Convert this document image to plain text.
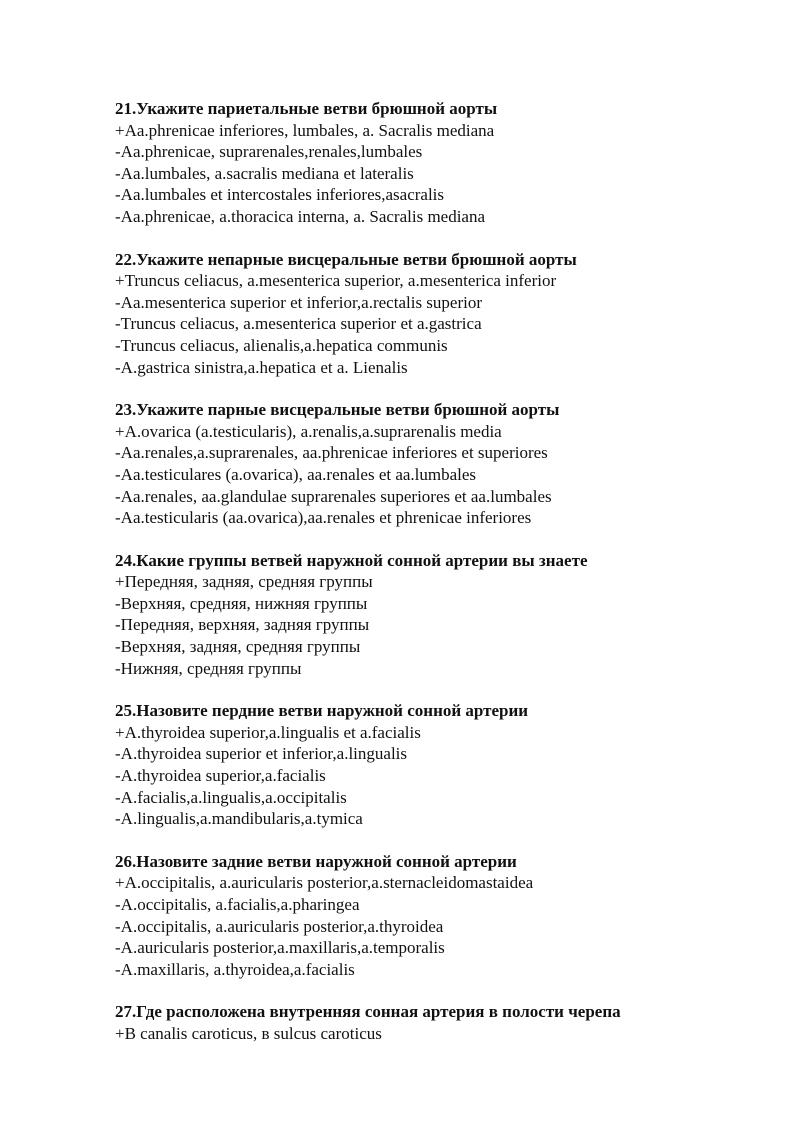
21.Укажите париетальные ветви брюшной аорты

+Aa.phrenicae inferiores, lumbales, a. Sacralis mediana

-Aa.phrenicae, suprarenales,renales,lumbales

-Aa.lumbales, a.sacralis mediana et lateralis

-Aa.lumbales et intercostales inferiores,asacralis

-Aa.phrenicae, a.thoracica interna, a. Sacralis mediana

22.Укажите непарные висцеральные ветви брюшной аорты

+Truncus celiacus, a.mesenterica superior, a.mesenterica inferior

-Aa.mesenterica superior et inferior,a.rectalis superior

-Truncus celiacus, a.mesenterica superior et a.gastrica

-Truncus celiacus, alienalis,a.hepatica communis

-A.gastrica sinistra,a.hepatica et a. Lienalis

23.Укажите парные висцеральные ветви брюшной аорты

+A.ovarica (a.testicularis), a.renalis,a.suprarenalis media

-Aa.renales,a.suprarenales, aa.phrenicae inferiores et superiores

-Aa.testiculares (a.ovarica), aa.renales et aa.lumbales

-Aa.renales, aa.glandulae suprarenales superiores et aa.lumbales

-Aa.testicularis (aa.ovarica),aa.renales et phrenicae inferiores

24.Какие группы ветвей наружной сонной артерии вы знаете

+Передняя, задняя, средняя группы

-Верхняя, средняя, нижняя группы

-Передняя, верхняя, задняя группы

-Верхняя, задняя, средняя группы

-Нижняя, средняя группы

25.Назовите пердние ветви наружной сонной артерии

+A.thyroidea superior,a.lingualis et a.facialis

-A.thyroidea superior et inferior,a.lingualis

-A.thyroidea superior,a.facialis

-A.facialis,a.lingualis,a.occipitalis

-A.lingualis,a.mandibularis,a.tymica

26.Назовите задние ветви наружной сонной артерии

+A.occipitalis, a.auricularis posterior,a.sternacleidomastaidea

-A.occipitalis, a.facialis,a.pharingea

-A.occipitalis, a.auricularis posterior,a.thyroidea

-A.auricularis posterior,a.maxillaris,a.temporalis

-A.maxillaris, a.thyroidea,a.facialis

27.Где расположена внутренняя сонная артерия в полости черепа

+B canalis caroticus, в sulcus caroticus
